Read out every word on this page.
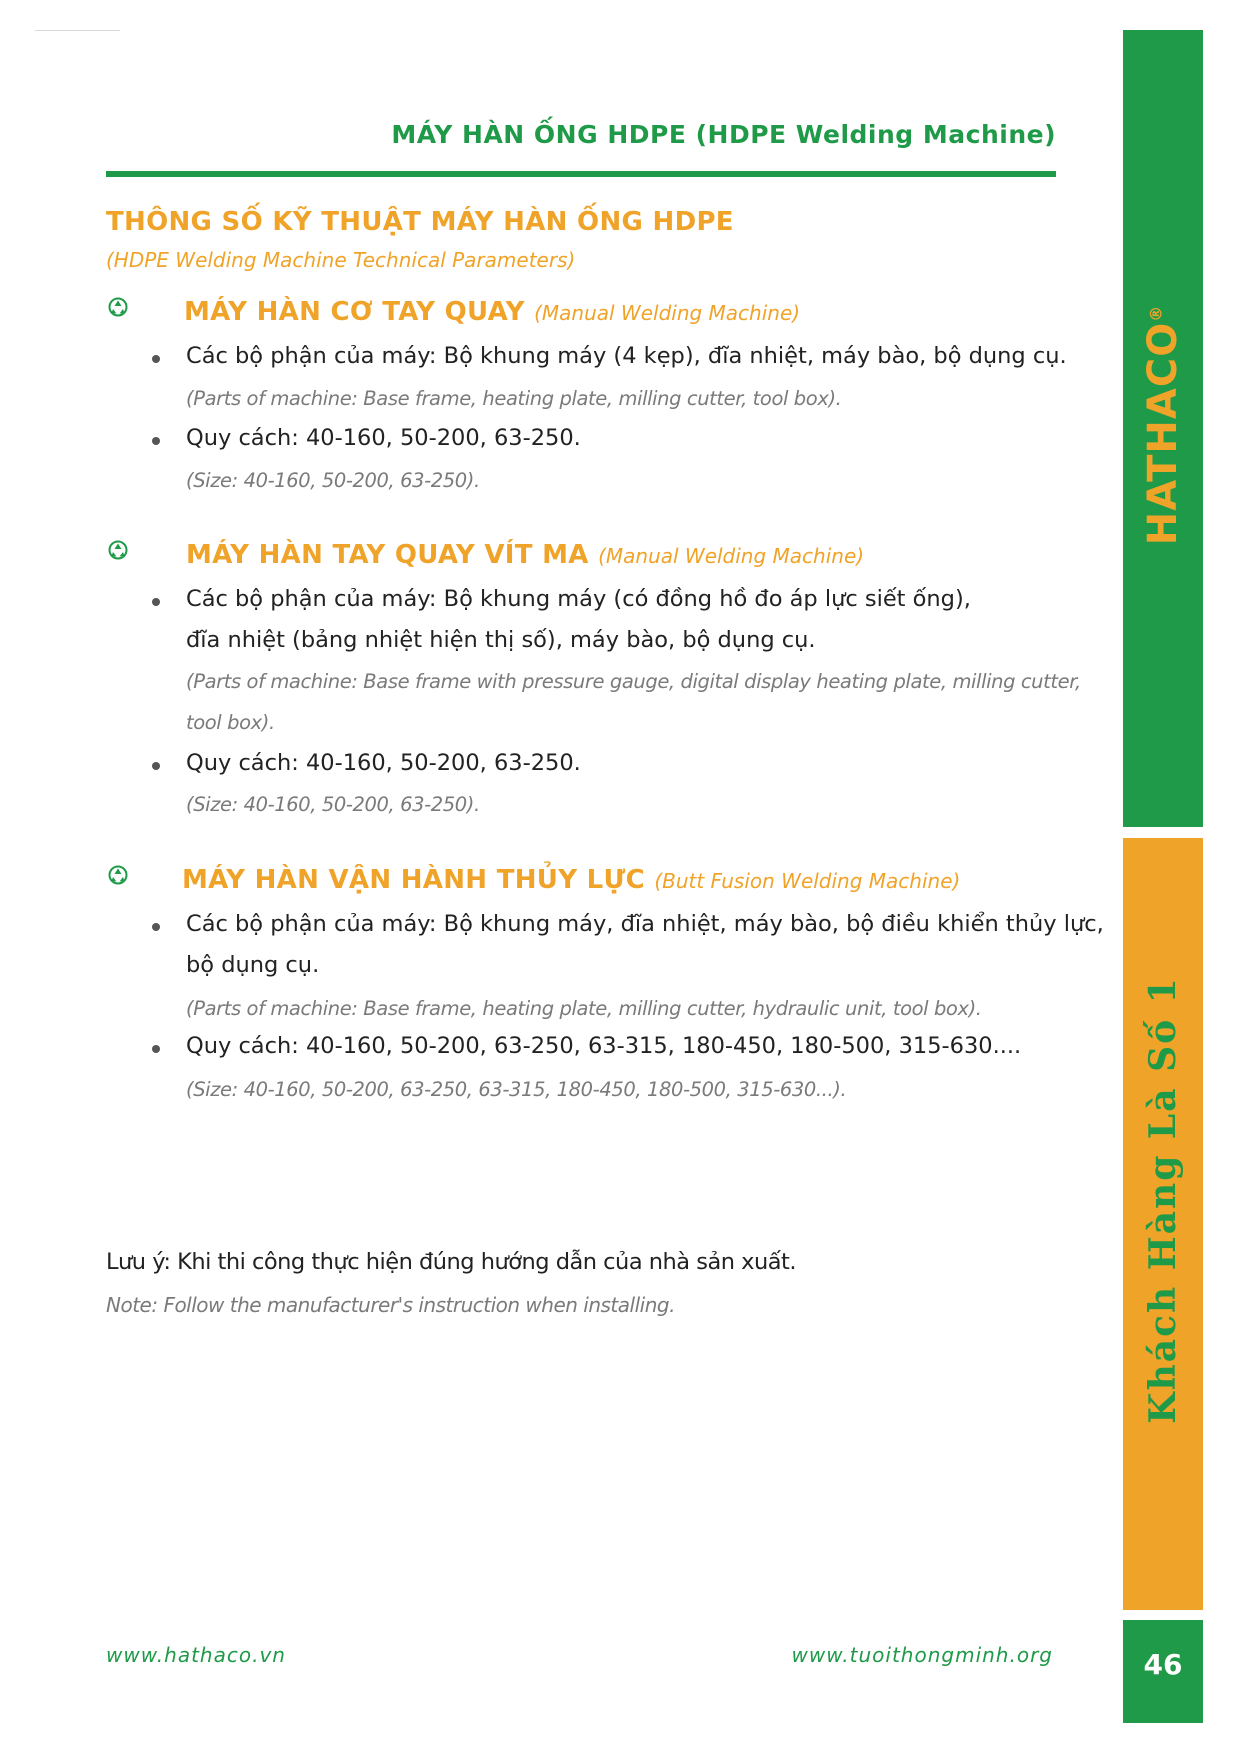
MÁY HÀN ỐNG HDPE (HDPE Welding Machine)
THÔNG SỐ KỸ THUẬT MÁY HÀN ỐNG HDPE
(HDPE Welding Machine Technical Parameters)
MÁY HÀN CƠ TAY QUAY (Manual Welding Machine)
Các bộ phận của máy: Bộ khung máy (4 kẹp), đĩa nhiệt, máy bào, bộ dụng cụ.
(Parts of machine: Base frame, heating plate, milling cutter, tool box).
Quy cách: 40-160, 50-200, 63-250.
(Size: 40-160, 50-200, 63-250).
MÁY HÀN TAY QUAY VÍT MA (Manual Welding Machine)
Các bộ phận của máy: Bộ khung máy (có đồng hồ đo áp lực siết ống),
đĩa nhiệt (bảng nhiệt hiện thị số), máy bào, bộ dụng cụ.
(Parts of machine: Base frame with pressure gauge, digital display heating plate, milling cutter,
tool box).
Quy cách: 40-160, 50-200, 63-250.
(Size: 40-160, 50-200, 63-250).
MÁY HÀN VẬN HÀNH THỦY LỰC (Butt Fusion Welding Machine)
Các bộ phận của máy: Bộ khung máy, đĩa nhiệt, máy bào, bộ điều khiển thủy lực,
bộ dụng cụ.
(Parts of machine: Base frame, heating plate, milling cutter, hydraulic unit, tool box).
Quy cách: 40-160, 50-200, 63-250, 63-315, 180-450, 180-500, 315-630....
(Size: 40-160, 50-200, 63-250, 63-315, 180-450, 180-500, 315-630...).
Lưu ý: Khi thi công thực hiện đúng hướng dẫn của nhà sản xuất.
Note: Follow the manufacturer's instruction when installing.
www.hathaco.vn	www.tuoithongminh.org
HATHACO®
Khách Hàng Là Số 1
46
